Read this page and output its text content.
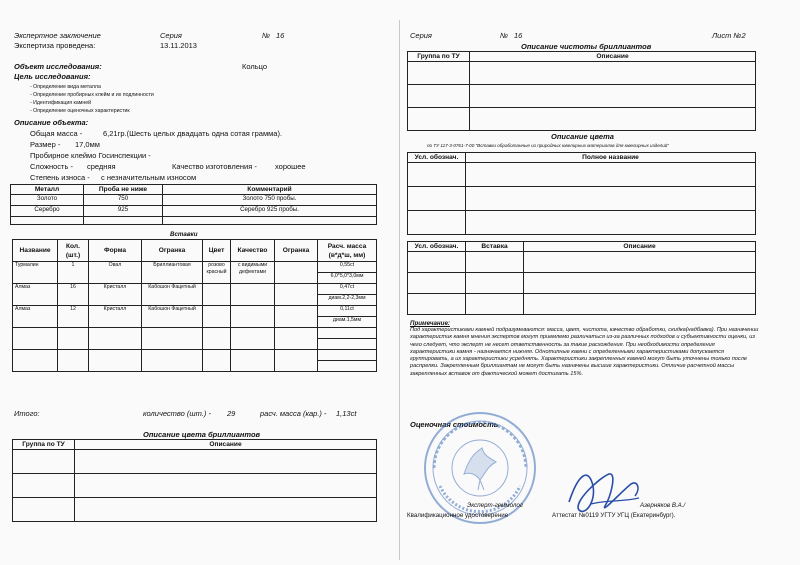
Экспертное заключение	Серия	№ 16
Экспертиза проведена:	13.11.2013
Объект исследования:	Кольцо
Цель исследования:
- Определение вида металла
- Определение пробирных клейм и их подлинности
- Идентификация камней
- Определение оценочных характеристик
Описание объекта:
Общая масса -	6,21гр.(Шесть целых двадцать одна сотая грамма).
Размер - 17,0мм
Пробирное клеймо Госинспекции -
Сложность - средняя	Качество изготовления - хорошее
Степень износа - с незначительным износом
Металл	Проба не ниже	Комментарий
Золото	750	Золото 750 пробы.
Серебро	925	Серебро 925 пробы.

Вставки
Название	Кол. (шт.)	Форма	Огранка	Цвет	Качество	Огранка	Расч. масса (в*д*ш, мм)
Турмалин	1	Овал	Бриллиантовая	розово красный	с видимыми дефектами		0,55ct
6,0*5,0*3,0мм

Алмаз	16	Кристалл	Кабошон Фацетный				0,47ct
диам.2,2-2,3мм

Алмаз	12	Кристалл	Кабошон Фацетный				0,11ct
диам.1,5мм

Итого:	количество (шт.) - 29	расч. масса (кар.) - 1,13ct
Описание цвета бриллиантов
Группа по ТУ	Описание

Серия	№ 16	Лист №2
Описание чистоты бриллиантов
Группа по ТУ	Описание

Описание цвета
по ТУ 117-3-0761-7-00 "Вставки обработанные из природных ювелирных материалов для ювелирных изделий"
Усл. обознач.	Полное название

Усл. обознач.	Вставка	Описание

Примечание:
Под характеристиками камней подразумеваются: масса, цвет, чистота, качество обработки, скидка(надбавка). При назначении характеристик камня мнения экспертов могут приемлемо различаться из-за различных подходов и субъективности оценки, из чего следует, что эксперт не несет ответственность за такие расхождения. При необходимости определения характеристики камня - назначается нижняя. Однотипные камни с определенными характеристиками допускается группировать, а их характеристики усреднять. Характеристики закрепленных камней могут быть уточнены только после распрепки. Закрепленным бриллиантам не могут быть назначены высшие характеристики. Отличие расчетной массы закрепленных вставок от фактической может достигать 15%.
Оценочная стоимость
Эксперт-геммолог	Азерняков В.А./
Квалификационное удостоверение	Аттестат №0119 УГТУ УГЦ (Екатеринбург).
